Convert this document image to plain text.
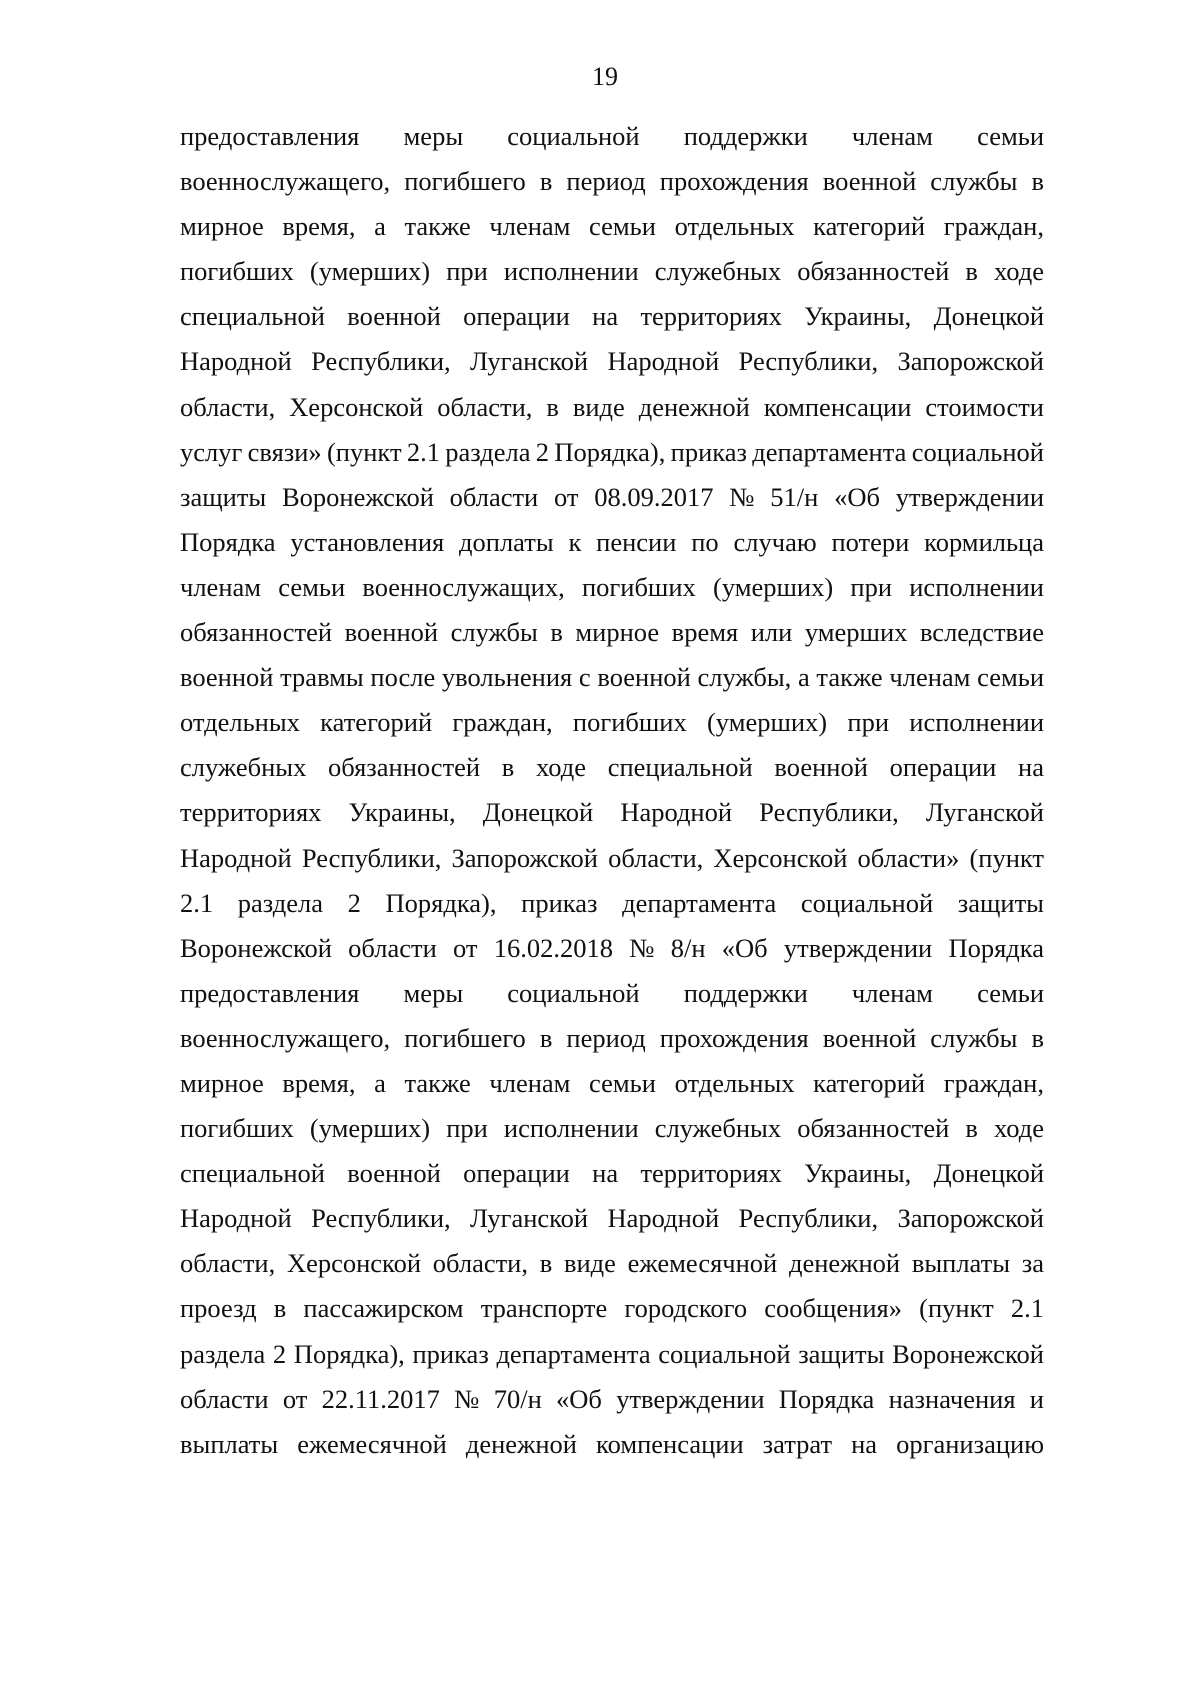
19
предоставления меры социальной поддержки членам семьи
военнослужащего, погибшего в период прохождения военной службы в
мирное время, а также членам семьи отдельных категорий граждан,
погибших (умерших) при исполнении служебных обязанностей в ходе
специальной военной операции на территориях Украины, Донецкой
Народной Республики, Луганской Народной Республики, Запорожской
области, Херсонской области, в виде денежной компенсации стоимости
услуг связи» (пункт 2.1 раздела 2 Порядка), приказ департамента социальной
защиты Воронежской области от 08.09.2017 № 51/н «Об утверждении
Порядка установления доплаты к пенсии по случаю потери кормильца
членам семьи военнослужащих, погибших (умерших) при исполнении
обязанностей военной службы в мирное время или умерших вследствие
военной травмы после увольнения с военной службы, а также членам семьи
отдельных категорий граждан, погибших (умерших) при исполнении
служебных обязанностей в ходе специальной военной операции на
территориях Украины, Донецкой Народной Республики, Луганской
Народной Республики, Запорожской области, Херсонской области» (пункт
2.1 раздела 2 Порядка), приказ департамента социальной защиты
Воронежской области от 16.02.2018 № 8/н «Об утверждении Порядка
предоставления меры социальной поддержки членам семьи
военнослужащего, погибшего в период прохождения военной службы в
мирное время, а также членам семьи отдельных категорий граждан,
погибших (умерших) при исполнении служебных обязанностей в ходе
специальной военной операции на территориях Украины, Донецкой
Народной Республики, Луганской Народной Республики, Запорожской
области, Херсонской области, в виде ежемесячной денежной выплаты за
проезд в пассажирском транспорте городского сообщения» (пункт 2.1
раздела 2 Порядка), приказ департамента социальной защиты Воронежской
области от 22.11.2017 № 70/н «Об утверждении Порядка назначения и
выплаты ежемесячной денежной компенсации затрат на организацию
